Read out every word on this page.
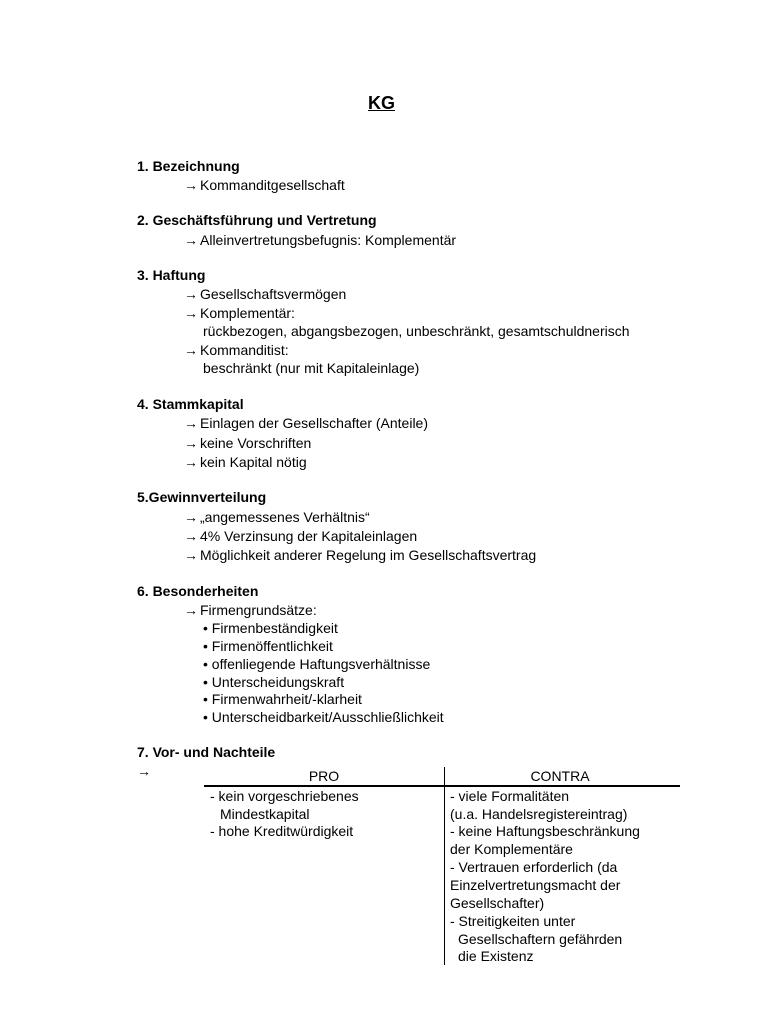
KG
1. Bezeichnung
→ Kommanditgesellschaft
2. Geschäftsführung und Vertretung
→ Alleinvertretungsbefugnis: Komplementär
3. Haftung
→ Gesellschaftsvermögen
→ Komplementär:
rückbezogen, abgangsbezogen, unbeschränkt, gesamtschuldnerisch
→ Kommanditist:
beschränkt (nur mit Kapitaleinlage)
4. Stammkapital
→ Einlagen der Gesellschafter (Anteile)
→ keine Vorschriften
→ kein Kapital nötig
5.Gewinnverteilung
→ „angemessenes Verhältnis“
→ 4% Verzinsung der Kapitaleinlagen
→ Möglichkeit anderer Regelung im Gesellschaftsvertrag
6. Besonderheiten
→ Firmengrundsätze:
• Firmenbeständigkeit
• Firmenöffentlichkeit
• offenliegende Haftungsverhältnisse
• Unterscheidungskraft
• Firmenwahrheit/-klarheit
• Unterscheidbarkeit/Ausschließlichkeit
7. Vor- und Nachteile
→	PRO	CONTRA
- kein vorgeschriebenes
Mindestkapital
- hohe Kreditwürdigkeit
- viele Formalitäten
(u.a. Handelsregistereintrag)
- keine Haftungsbeschränkung
der Komplementäre
- Vertrauen erforderlich (da
Einzelvertretungsmacht der
Gesellschafter)
- Streitigkeiten unter
Gesellschaftern gefährden
die Existenz
